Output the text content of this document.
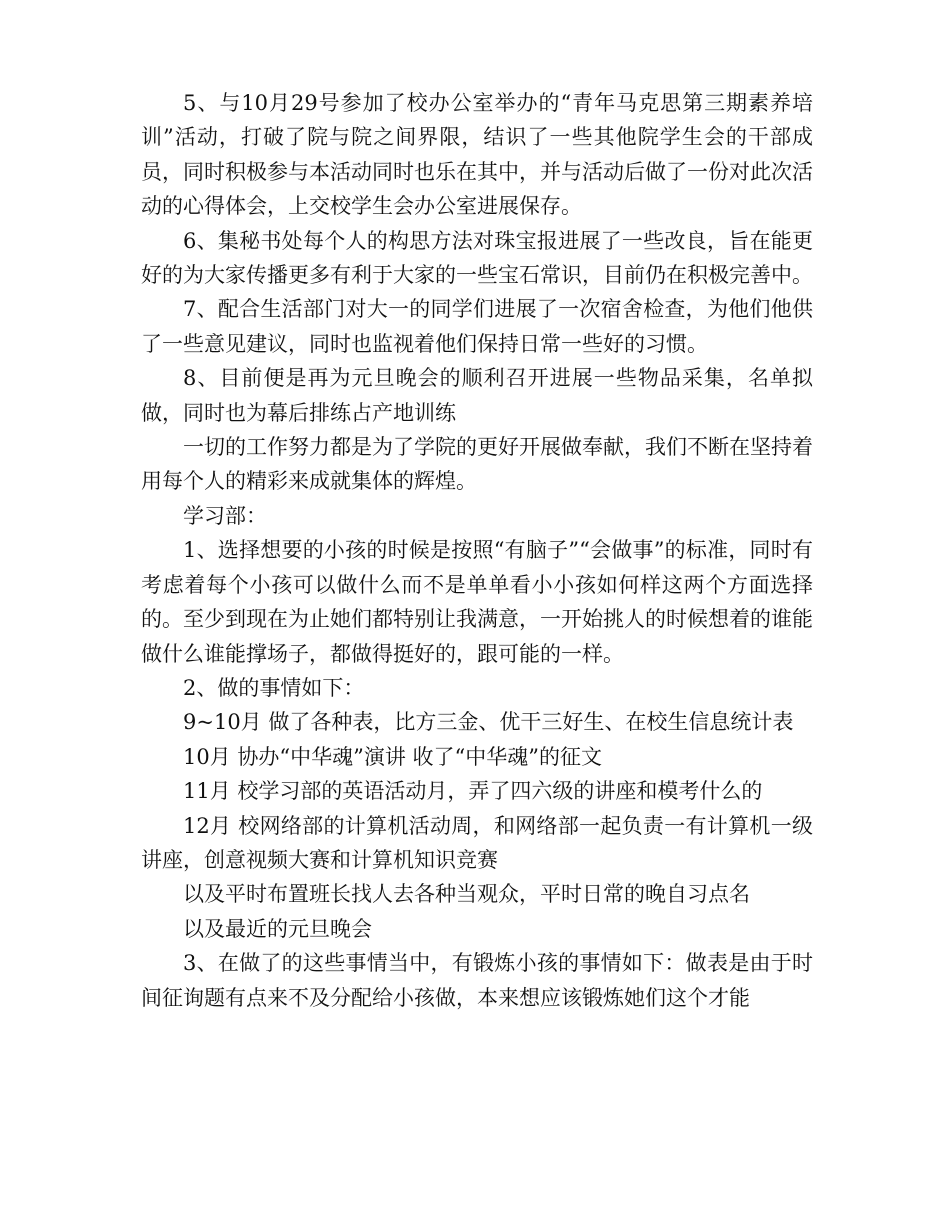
5、与10月29号参加了校办公室举办的“青年马克思第三期素养培训”活动，打破了院与院之间界限，结识了一些其他院学生会的干部成员，同时积极参与本活动同时也乐在其中，并与活动后做了一份对此次活动的心得体会，上交校学生会办公室进展保存。

6、集秘书处每个人的构思方法对珠宝报进展了一些改良，旨在能更好的为大家传播更多有利于大家的一些宝石常识，目前仍在积极完善中。

7、配合生活部门对大一的同学们进展了一次宿舍检查，为他们他供了一些意见建议，同时也监视着他们保持日常一些好的习惯。

8、目前便是再为元旦晚会的顺利召开进展一些物品采集，名单拟做，同时也为幕后排练占产地训练

一切的工作努力都是为了学院的更好开展做奉献，我们不断在坚持着用每个人的精彩来成就集体的辉煌。

学习部：

1、选择想要的小孩的时候是按照“有脑子”“会做事”的标准，同时有考虑着每个小孩可以做什么而不是单单看小小孩如何样这两个方面选择的。至少到现在为止她们都特别让我满意，一开始挑人的时候想着的谁能做什么谁能撑场子，都做得挺好的，跟可能的一样。

2、做的事情如下：

9~10月 做了各种表，比方三金、优干三好生、在校生信息统计表

10月 协办“中华魂”演讲 收了“中华魂”的征文

11月 校学习部的英语活动月，弄了四六级的讲座和模考什么的

12月 校网络部的计算机活动周，和网络部一起负责一有计算机一级讲座，创意视频大赛和计算机知识竞赛

以及平时布置班长找人去各种当观众，平时日常的晚自习点名

以及最近的元旦晚会

3、在做了的这些事情当中，有锻炼小孩的事情如下：做表是由于时间征询题有点来不及分配给小孩做，本来想应该锻炼她们这个才能
